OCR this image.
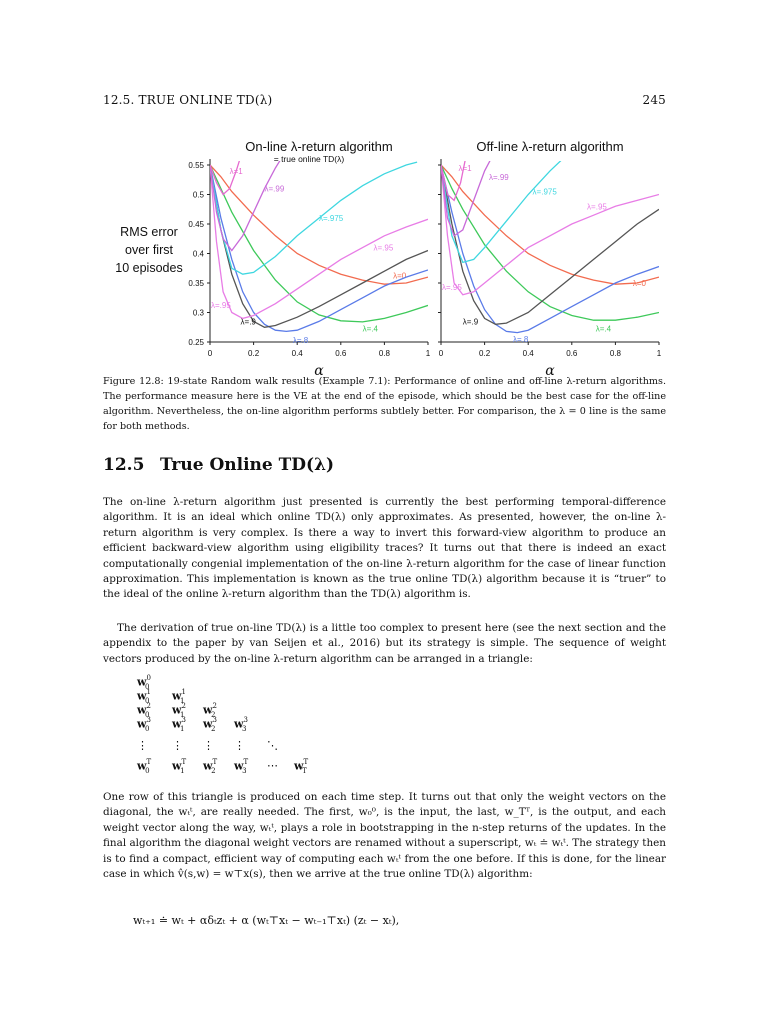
12.5. TRUE ONLINE TD(λ)	245
On-line λ-return algorithm
= true online TD(λ)
0	0.2	0.4	0.6	0.8	1
0.25
0.3
0.35
0.4
0.45
0.5
0.55
α
RMS error
over first
10 episodes
λ=0
λ=.4
λ=.8
λ=.9
λ=.95
λ=.975
λ=.99
λ=1
λ=.95
Off-line λ-return algorithm
0	0.2	0.4	0.6	0.8	1
α
λ=0
λ=.4
λ=.8
λ=.9
λ=.95
λ=.975
λ=.99
λ=1
λ=.95
Figure 12.8: 19-state Random walk results (Example 7.1): Performance of online and off-line λ-return algorithms. The performance measure here is the VE at the end of the episode, which should be the best case for the off-line algorithm. Nevertheless, the on-line algorithm performs subtlely better. For comparison, the λ = 0 line is the same for both methods.
12.5 True Online TD(λ)

The on-line λ-return algorithm just presented is currently the best performing temporal-difference algorithm. It is an ideal which online TD(λ) only approximates. As presented, however, the on-line λ-return algorithm is very complex. Is there a way to invert this forward-view algorithm to produce an efficient backward-view algorithm using eligibility traces? It turns out that there is indeed an exact computationally congenial implementation of the on-line λ-return algorithm for the case of linear function approximation. This implementation is known as the true online TD(λ) algorithm because it is “truer” to the ideal of the online λ-return algorithm than the TD(λ) algorithm is.

The derivation of true on-line TD(λ) is a little too complex to present here (see the next section and the appendix to the paper by van Seijen et al., 2016) but its strategy is simple. The sequence of weight vectors produced by the on-line λ-return algorithm can be arranged in a triangle:

$w^0_0$
$w^1_0$	$w^1_1$
$w^2_0$	$w^2_1$	$w^2_2$
$w^3_0$	$w^3_1$	$w^3_2$	$w^3_3$
⋮ ⋮ ⋮ ⋮ ⋱
$w^T_0$	$w^T_1$	$w^T_2$	$w^T_3$	⋯ $w^T_T$

One row of this triangle is produced on each time step. It turns out that only the weight vectors on the diagonal, the wₜᵗ, are really needed. The first, w₀⁰, is the input, the last, w_Tᵀ, is the output, and each weight vector along the way, wₜᵗ, plays a role in bootstrapping in the n-step returns of the updates. In the final algorithm the diagonal weight vectors are renamed without a superscript, wₜ ≐ wₜᵗ. The strategy then is to find a compact, efficient way of computing each wₜᵗ from the one before. If this is done, for the linear case in which v̂(s,w) = w⊤x(s), then we arrive at the true online TD(λ) algorithm:

wₜ₊₁ ≐ wₜ + αδₜzₜ + α (wₜ⊤xₜ − wₜ₋₁⊤xₜ) (zₜ − xₜ),
